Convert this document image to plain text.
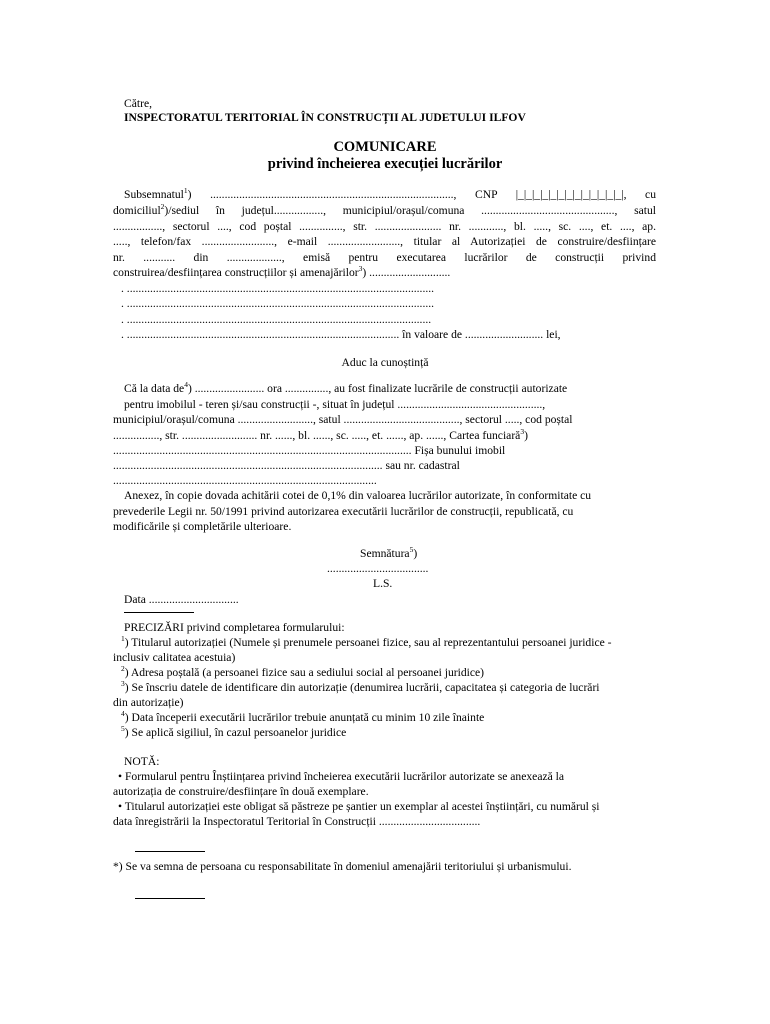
Către,
INSPECTORATUL TERITORIAL ÎN CONSTRUCȚII AL JUDETULUI ILFOV
COMUNICARE
privind încheierea execuției lucrărilor
Subsemnatul$^1$) ...................................................................................., CNP |_|_|_|_|_|_|_|_|_|_|_|_|_|, cu
domiciliul$^2$)/sediul în județul................., municipiul/orașul/comuna .............................................., satul
................., sectorul ...., cod poștal ..............., str. ....................... nr. ............, bl. ....., sc. ...., et. ...., ap.
....., telefon/fax ........................., e-mail ........................., titular al Autorizației de construire/desființare
nr. ........... din ..................., emisă pentru executarea lucrărilor de construcții privind
construirea/desființarea construcțiilor și amenajărilor$^3$) ............................
. ..........................................................................................................
. ..........................................................................................................
. .........................................................................................................
. .............................................................................................. în valoare de ........................... lei,
Aduc la cunoștință
Că la data $de^4$) ........................ ora ..............., au fost finalizate lucrările de construcții autorizate
pentru imobilul - teren și/sau construcții -, situat în județul ..................................................,
municipiul/orașul/comuna .........................., satul ........................................, sectorul ....., cod poștal
................, str. .......................... nr. ......, bl. ......, sc. ....., et. ......, ap. ......, Cartea funciară$^3$)
....................................................................................................... Fișa bunului imobil
............................................................................................. sau nr. cadastral
...........................................................................................
Anexez, în copie dovada achitării cotei de 0,1% din valoarea lucrărilor autorizate, în conformitate cu
prevederile Legii nr. 50/1991 privind autorizarea executării lucrărilor de construcții, republicată, cu
modificările și completările ulterioare.
Semnătura$^5$)
...................................
L.S.
Data ...............................
PRECIZĂRI privind completarea formularului:
$^1$) Titularul autorizației (Numele și prenumele persoanei fizice, sau al reprezentantului persoanei juridice -
inclusiv calitatea acestuia)
$^2$) Adresa poștală (a persoanei fizice sau a sediului social al persoanei juridice)
$^3$) Se înscriu datele de identificare din autorizație (denumirea lucrării, capacitatea și categoria de lucrări
din autorizație)
$^4$) Data începerii executării lucrărilor trebuie anunțată cu minim 10 zile înainte
$^5$) Se aplică sigiliul, în cazul persoanelor juridice
NOTĂ:
• Formularul pentru Înștiințarea privind încheierea executării lucrărilor autorizate se anexează la
autorizația de construire/desființare în două exemplare.
• Titularul autorizației este obligat să păstreze pe șantier un exemplar al acestei înștiințări, cu numărul și
data înregistrării la Inspectoratul Teritorial în Construcții ...................................
*) Se va semna de persoana cu responsabilitate în domeniul amenajării teritoriului și urbanismului.
